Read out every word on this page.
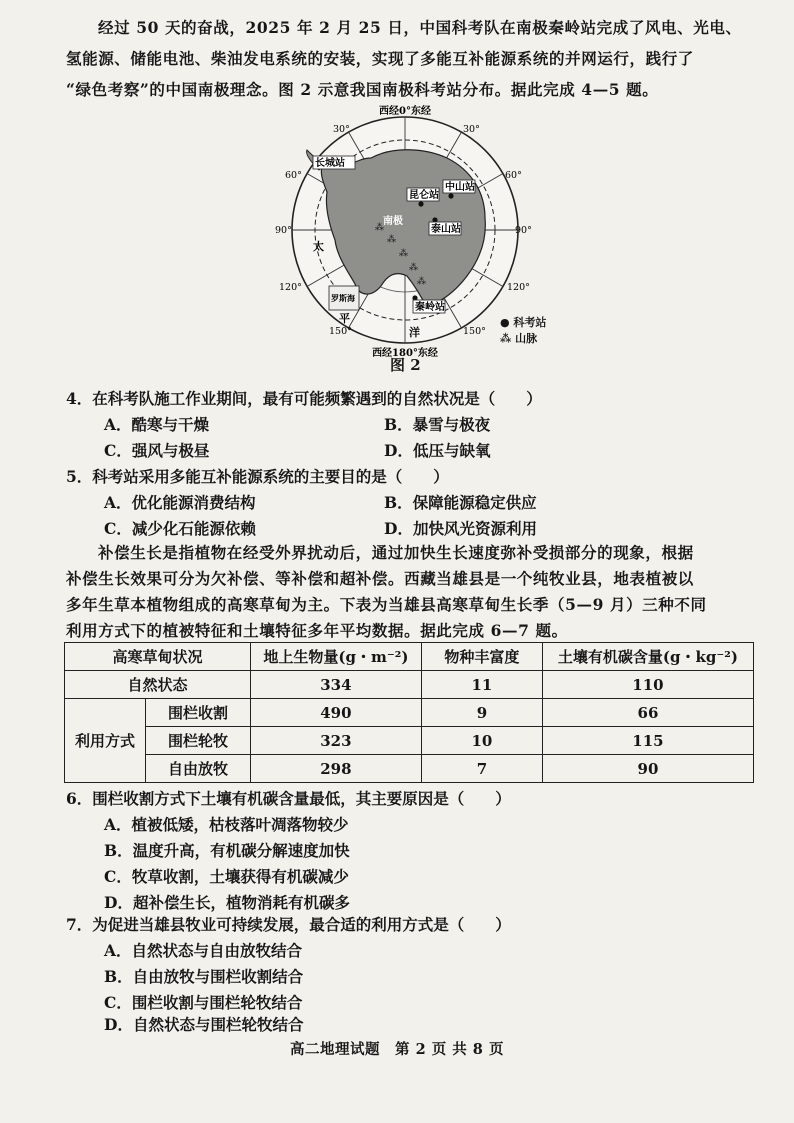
经过 50 天的奋战，2025 年 2 月 25 日，中国科考队在南极秦岭站完成了风电、光电、
氢能源、储能电池、柴油发电系统的安装，实现了多能互补能源系统的并网运行，践行了
“绿色考察”的中国南极理念。图 2 示意我国南极科考站分布。据此完成 4—5 题。
⁂
⁂
⁂
⁂
⁂
西经0°东经
西经180°东经
30°	30°
60°	60°
90°	90°
120°	120°
150°	150°
长城站
昆仑站
中山站
泰山站
罗斯海
秦岭站
南极
太
平
洋
● 科考站
⁂ 山脉
图 2
4．在科考队施工作业期间，最有可能频繁遇到的自然状况是（　　）
A．酷寒与干燥	B．暴雪与极夜
C．强风与极昼	D．低压与缺氧
5．科考站采用多能互补能源系统的主要目的是（　　）
A．优化能源消费结构	B．保障能源稳定供应
C．减少化石能源依赖	D．加快风光资源利用
补偿生长是指植物在经受外界扰动后，通过加快生长速度弥补受损部分的现象，根据
补偿生长效果可分为欠补偿、等补偿和超补偿。西藏当雄县是一个纯牧业县，地表植被以
多年生草本植物组成的高寒草甸为主。下表为当雄县高寒草甸生长季（5—9 月）三种不同
利用方式下的植被特征和土壤特征多年平均数据。据此完成 6—7 题。
高寒草甸状况		地上生物量(g・m⁻²)	物种丰富度	土壤有机碳含量(g・kg⁻²)
自然状态		334	11	110
利用方式	围栏收割	490	9	66
	围栏轮牧	323	10	115
	自由放牧	298	7	90
6．围栏收割方式下土壤有机碳含量最低，其主要原因是（　　）
A．植被低矮，枯枝落叶凋落物较少
B．温度升高，有机碳分解速度加快
C．牧草收割，土壤获得有机碳减少
D．超补偿生长，植物消耗有机碳多
7．为促进当雄县牧业可持续发展，最合适的利用方式是（　　）
A．自然状态与自由放牧结合
B．自由放牧与围栏收割结合
C．围栏收割与围栏轮牧结合
D．自然状态与围栏轮牧结合
高二地理试题　第 2 页 共 8 页
